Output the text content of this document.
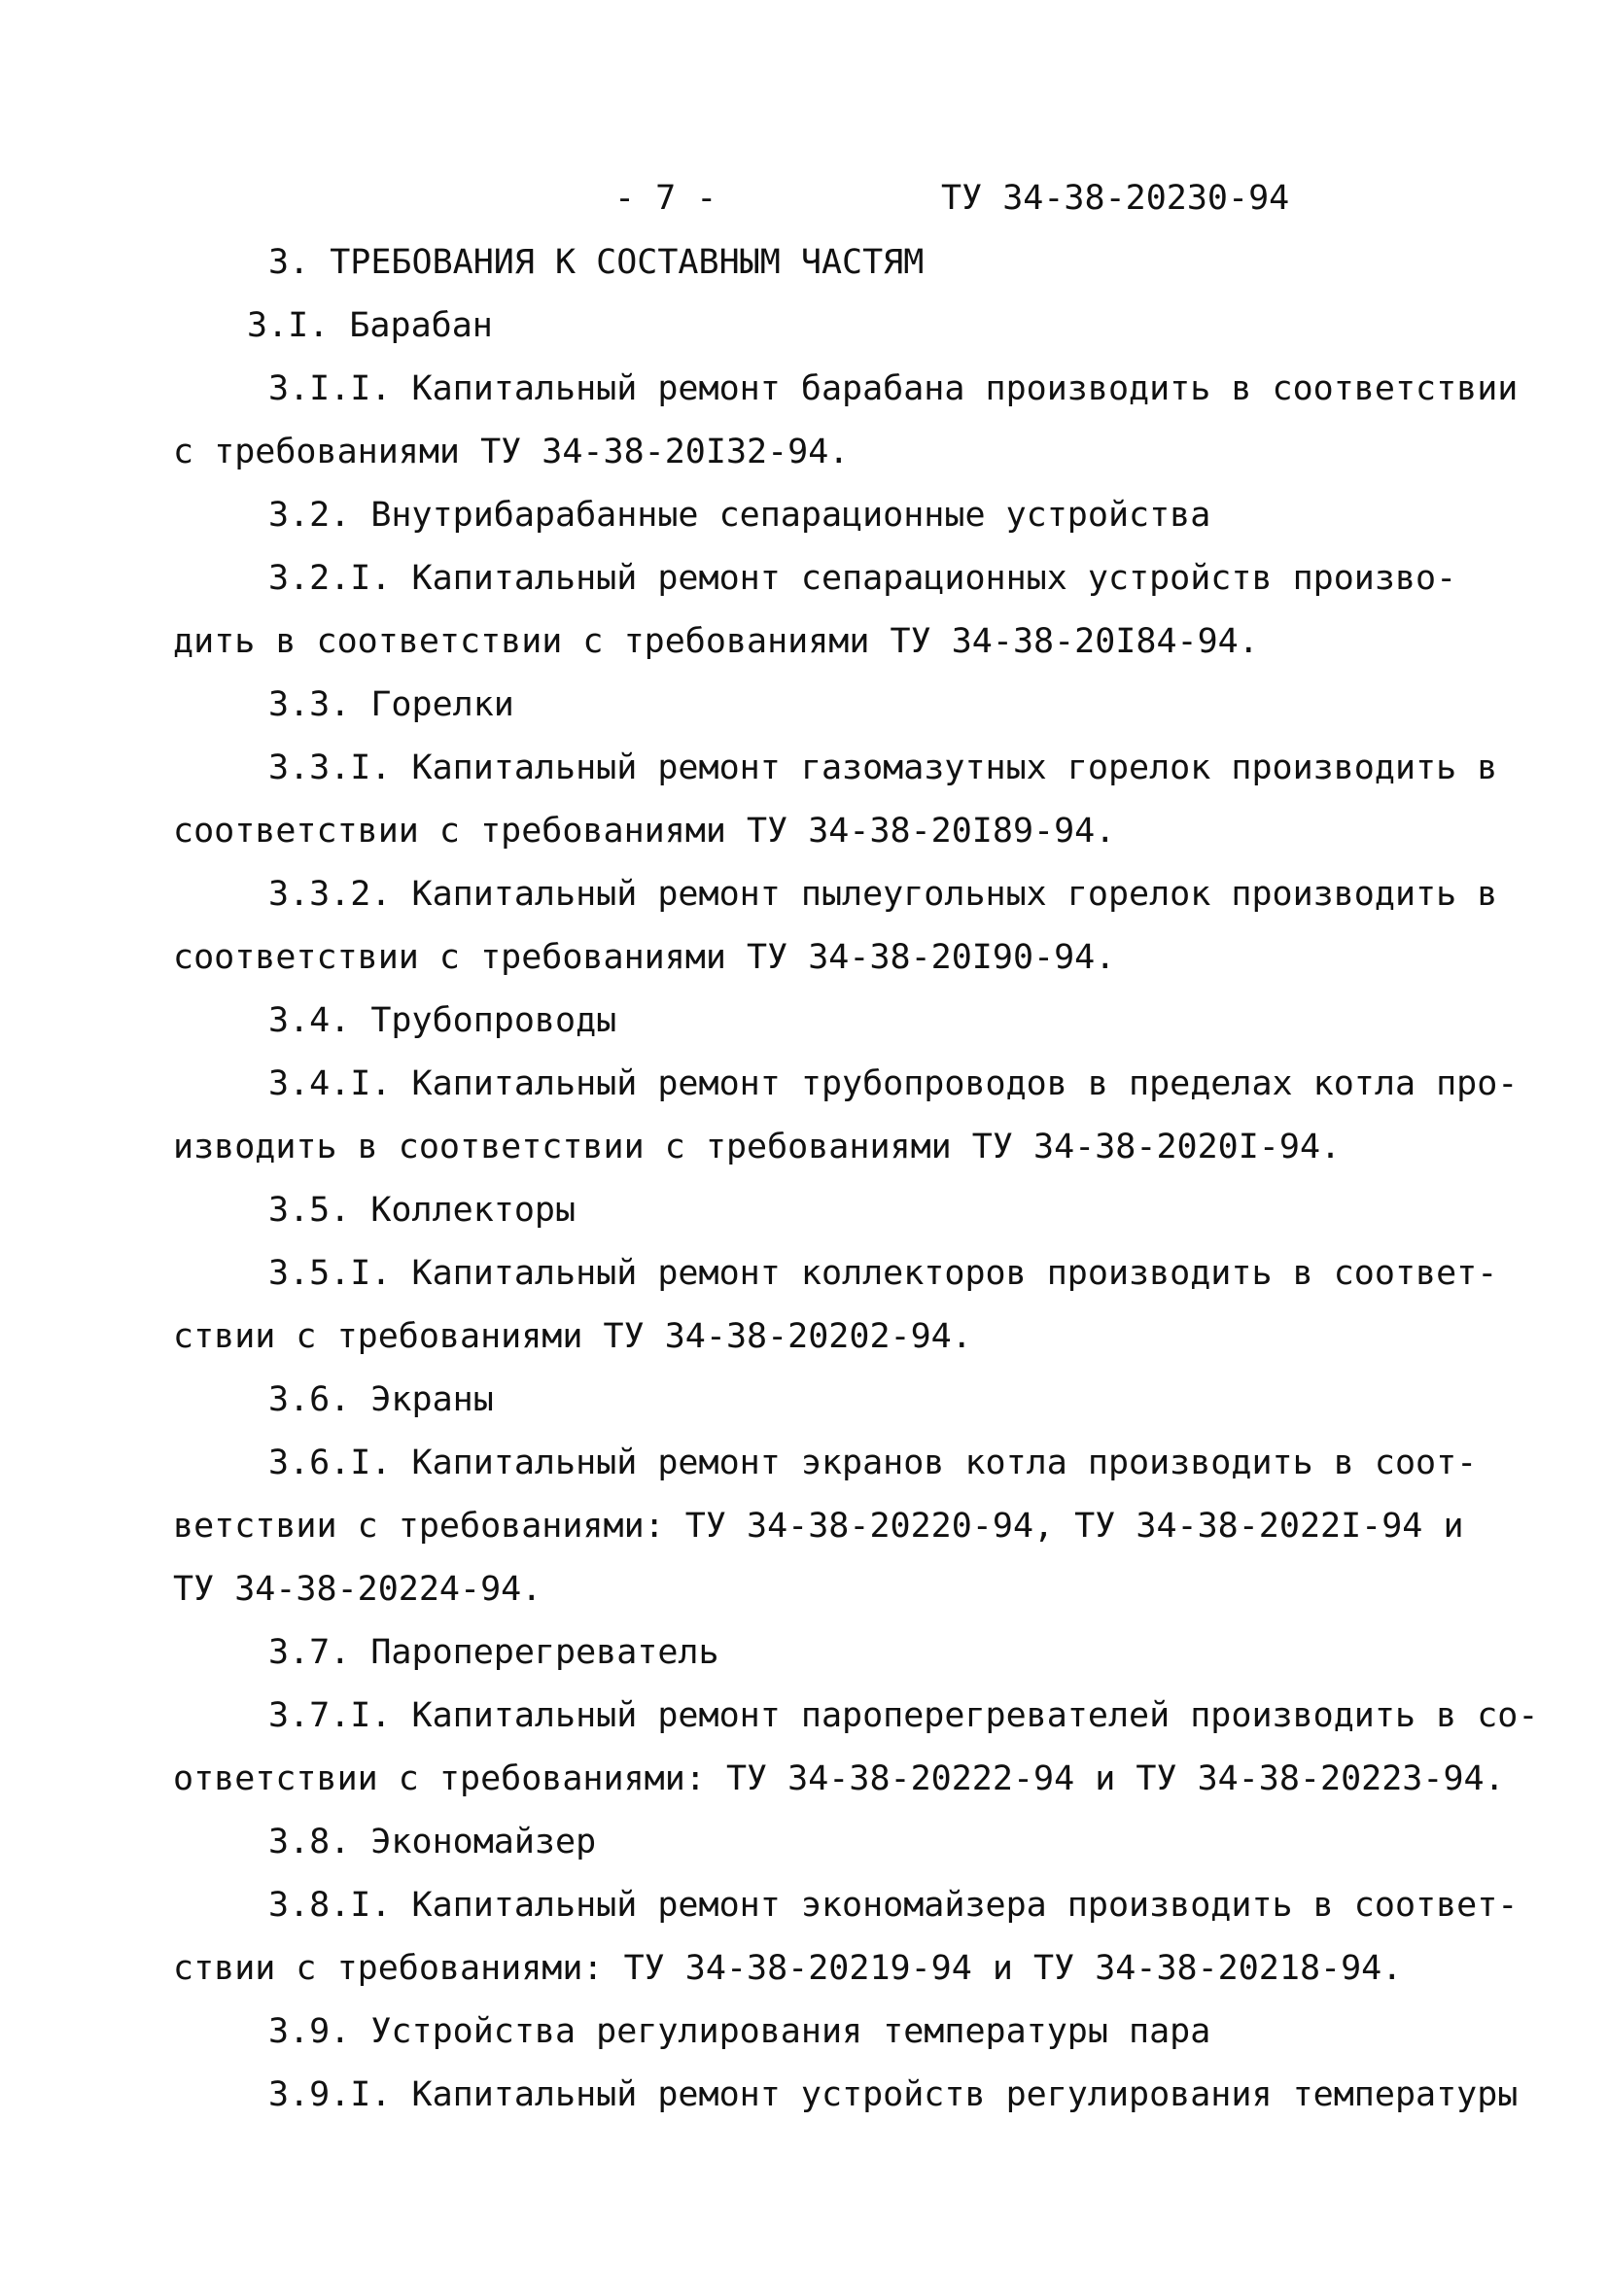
- 7 -	ТУ 34-38-20230-94
3. ТРЕБОВАНИЯ К СОСТАВНЫМ ЧАСТЯМ
3.I. Барабан
3.I.I. Капитальный ремонт барабана производить в соответствии
с требованиями ТУ 34-38-20I32-94.
3.2. Внутрибарабанные сепарационные устройства
3.2.I. Капитальный ремонт сепарационных устройств произво-
дить в соответствии с требованиями ТУ 34-38-20I84-94.
3.3. Горелки
3.3.I. Капитальный ремонт газомазутных горелок производить в
соответствии с требованиями ТУ 34-38-20I89-94.
3.3.2. Капитальный ремонт пылеугольных горелок производить в
соответствии с требованиями ТУ 34-38-20I90-94.
3.4. Трубопроводы
3.4.I. Капитальный ремонт трубопроводов в пределах котла про-
изводить в соответствии с требованиями ТУ 34-38-2020I-94.
3.5. Коллекторы
3.5.I. Капитальный ремонт коллекторов производить в соответ-
ствии с требованиями ТУ 34-38-20202-94.
3.6. Экраны
3.6.I. Капитальный ремонт экранов котла производить в соот-
ветствии с требованиями: ТУ 34-38-20220-94, ТУ 34-38-2022I-94 и
ТУ 34-38-20224-94.
3.7. Пароперегреватель
3.7.I. Капитальный ремонт пароперегревателей производить в со-
ответствии с требованиями: ТУ 34-38-20222-94 и ТУ 34-38-20223-94.
3.8. Экономайзер
3.8.I. Капитальный ремонт экономайзера производить в соответ-
ствии с требованиями: ТУ 34-38-20219-94 и ТУ 34-38-20218-94.
3.9. Устройства регулирования температуры пара
3.9.I. Капитальный ремонт устройств регулирования температуры
